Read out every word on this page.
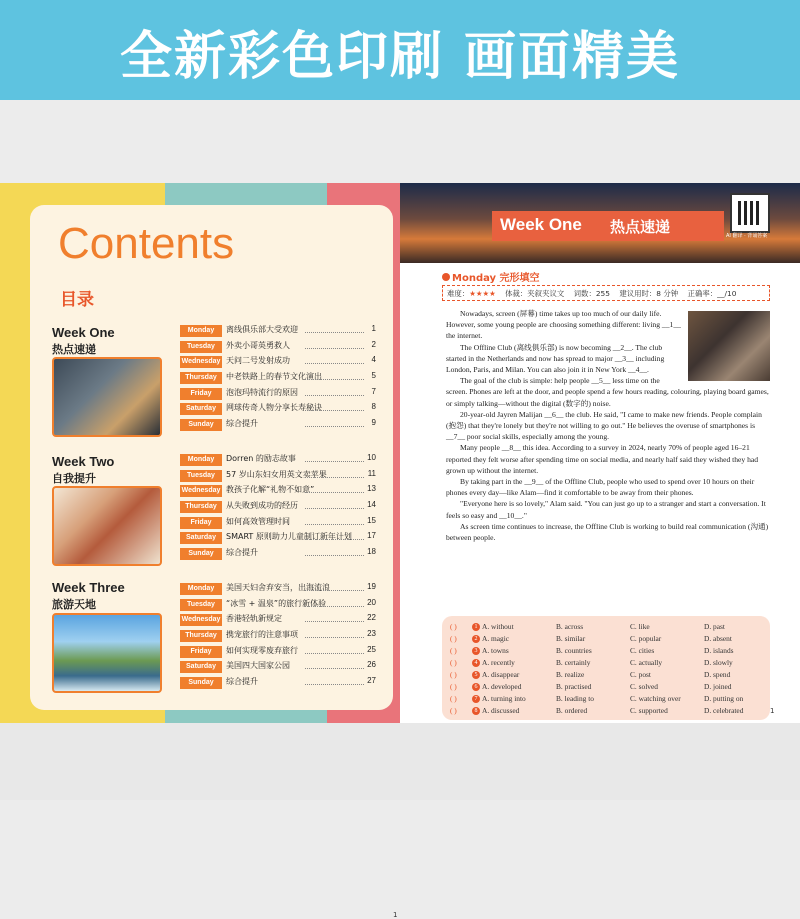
全新彩色印刷 画面精美
Contents
目录
Week One
热点速递
Monday	离线俱乐部大受欢迎	1
Tuesday	外卖小哥英勇救人	2
Wednesday 天问二号发射成功	4
Thursday	中老铁路上的春节文化演出	5
Friday	泡泡玛特流行的原因	7
Saturday	网球传奇人物分享长寿秘诀	8
Sunday	综合提升	9
Week Two
自我提升
Monday	Dorren 的励志故事	10
Tuesday	57 岁山东妇女用英文卖苹果	11
Wednesday 教孩子化解“礼物不如意”	13
Thursday	从失败到成功的经历	14
Friday	如何高效管理时间	15
Saturday	SMART 原则助力儿童制订新年计划 17
Sunday	综合提升	18
Week Three
旅游天地
Monday	美国天妇舍弃安当，出海流浪	19
Tuesday	“冰雪 + 温泉”的旅行新体验	20
Wednesday 香港轻轨新规定	22
Thursday	携宠旅行的注意事项	23
Friday	如何实现零废弃旅行	25
Saturday	美国四大国家公园	26
Sunday	综合提升	27
1
Week One 热点速递	AI 翻译 · 背诵答案
Monday 完形填空
难度：★★★★ 体裁：夹叙夹议文 词数：255 建议用时：8 分钟 正确率：__/10

Nowadays, screen (屏幕) time takes up too much of our daily life. However, some young people are choosing something different: living __1__ the internet.

The Offline Club (离线俱乐部) is now becoming __2__. The club started in the Netherlands and now has spread to major __3__ including London, Paris, and Milan. You can also join it in New York __4__.

The goal of the club is simple: help people __5__ less time on the screen. Phones are left at the door, and people spend a few hours reading, colouring, playing board games, or simply talking—without the digital (数字的) noise.

20-year-old Jayren Malijan __6__ the club. He said, "I came to make new friends. People complain (抱怨) that they're lonely but they're not willing to go out." He believes the overuse of smartphones is __7__ poor social skills, especially among the young.

Many people __8__ this idea. According to a survey in 2024, nearly 70% of people aged 16–21 reported they felt worse after spending time on social media, and nearly half said they wished they had grown up without the internet.

By taking part in the __9__ of the Offline Club, people who used to spend over 10 hours on their phones every day—like Alam—find it comfortable to be away from their phones.

"Everyone here is so lovely," Alam said. "You can just go up to a stranger and start a conversation. It feels so easy and __10__."

As screen time continues to increase, the Offline Club is working to build real communication (沟通) between people.

( )	1 A. without	B. across	C. like	D. past
( )	2 A. magic	B. similar	C. popular	D. absent
( )	3 A. towns	B. countries	C. cities	D. islands
( )	4 A. recently	B. certainly	C. actually	D. slowly
( )	5 A. disappear	B. realize	C. post	D. spend
( )	6 A. developed	B. practised	C. solved	D. joined
( )	7 A. turning into	B. leading to	C. watching over	D. putting on
( )	8 A. discussed	B. ordered	C. supported	D. celebrated	1
